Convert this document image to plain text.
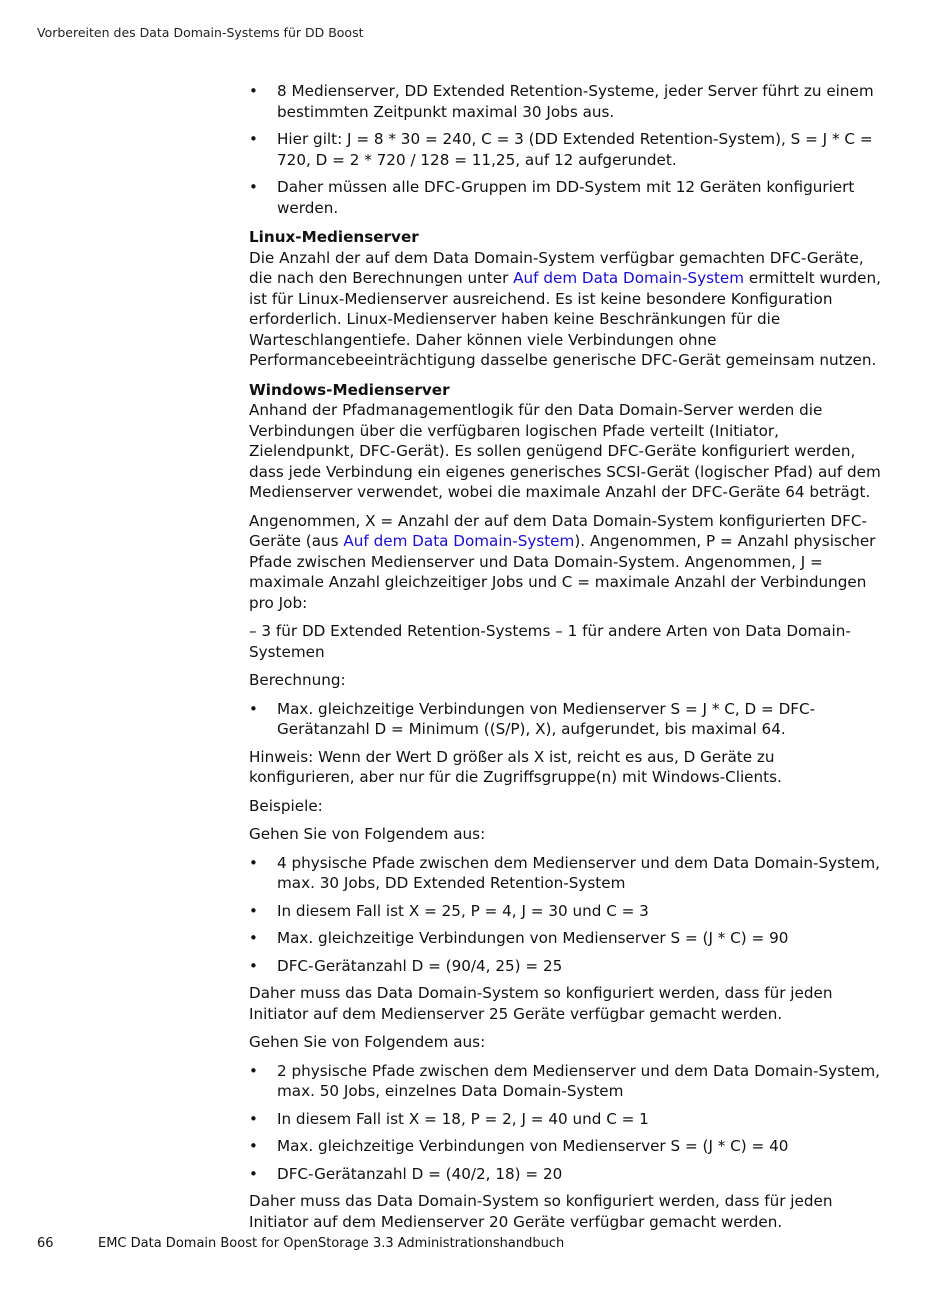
Vorbereiten des Data Domain-Systems für DD Boost
• 8 Medienserver, DD Extended Retention-Systeme, jeder Server führt zu einem bestimmten Zeitpunkt maximal 30 Jobs aus.
• Hier gilt: J = 8 * 30 = 240, C = 3 (DD Extended Retention-System), S = J * C = 720, D = 2 * 720 / 128 = 11,25, auf 12 aufgerundet.
• Daher müssen alle DFC-Gruppen im DD-System mit 12 Geräten konfiguriert werden.

Linux-Medienserver
Die Anzahl der auf dem Data Domain-System verfügbar gemachten DFC-Geräte, die nach den Berechnungen unter Auf dem Data Domain-System ermittelt wurden, ist für Linux-Medienserver ausreichend. Es ist keine besondere Konfiguration erforderlich. Linux-Medienserver haben keine Beschränkungen für die Warteschlangentiefe. Daher können viele Verbindungen ohne Performancebeeinträchtigung dasselbe generische DFC-Gerät gemeinsam nutzen.

Windows-Medienserver
Anhand der Pfadmanagementlogik für den Data Domain-Server werden die Verbindungen über die verfügbaren logischen Pfade verteilt (Initiator, Zielendpunkt, DFC-Gerät). Es sollen genügend DFC-Geräte konfiguriert werden, dass jede Verbindung ein eigenes generisches SCSI-Gerät (logischer Pfad) auf dem Medienserver verwendet, wobei die maximale Anzahl der DFC-Geräte 64 beträgt.

Angenommen, X = Anzahl der auf dem Data Domain-System konfigurierten DFC-Geräte (aus Auf dem Data Domain-System). Angenommen, P = Anzahl physischer Pfade zwischen Medienserver und Data Domain-System. Angenommen, J = maximale Anzahl gleichzeitiger Jobs und C = maximale Anzahl der Verbindungen pro Job:

– 3 für DD Extended Retention-Systems – 1 für andere Arten von Data Domain-Systemen

Berechnung:

• Max. gleichzeitige Verbindungen von Medienserver S = J * C, D = DFC-Gerätanzahl D = Minimum ((S/P), X), aufgerundet, bis maximal 64.

Hinweis: Wenn der Wert D größer als X ist, reicht es aus, D Geräte zu konfigurieren, aber nur für die Zugriffsgruppe(n) mit Windows-Clients.

Beispiele:

Gehen Sie von Folgendem aus:

• 4 physische Pfade zwischen dem Medienserver und dem Data Domain-System, max. 30 Jobs, DD Extended Retention-System
• In diesem Fall ist X = 25, P = 4, J = 30 und C = 3
• Max. gleichzeitige Verbindungen von Medienserver S = (J * C) = 90
• DFC-Gerätanzahl D = (90/4, 25) = 25

Daher muss das Data Domain-System so konfiguriert werden, dass für jeden Initiator auf dem Medienserver 25 Geräte verfügbar gemacht werden.

Gehen Sie von Folgendem aus:

• 2 physische Pfade zwischen dem Medienserver und dem Data Domain-System, max. 50 Jobs, einzelnes Data Domain-System
• In diesem Fall ist X = 18, P = 2, J = 40 und C = 1
• Max. gleichzeitige Verbindungen von Medienserver S = (J * C) = 40
• DFC-Gerätanzahl D = (40/2, 18) = 20

Daher muss das Data Domain-System so konfiguriert werden, dass für jeden Initiator auf dem Medienserver 20 Geräte verfügbar gemacht werden.

66	EMC Data Domain Boost for OpenStorage 3.3 Administrationshandbuch
